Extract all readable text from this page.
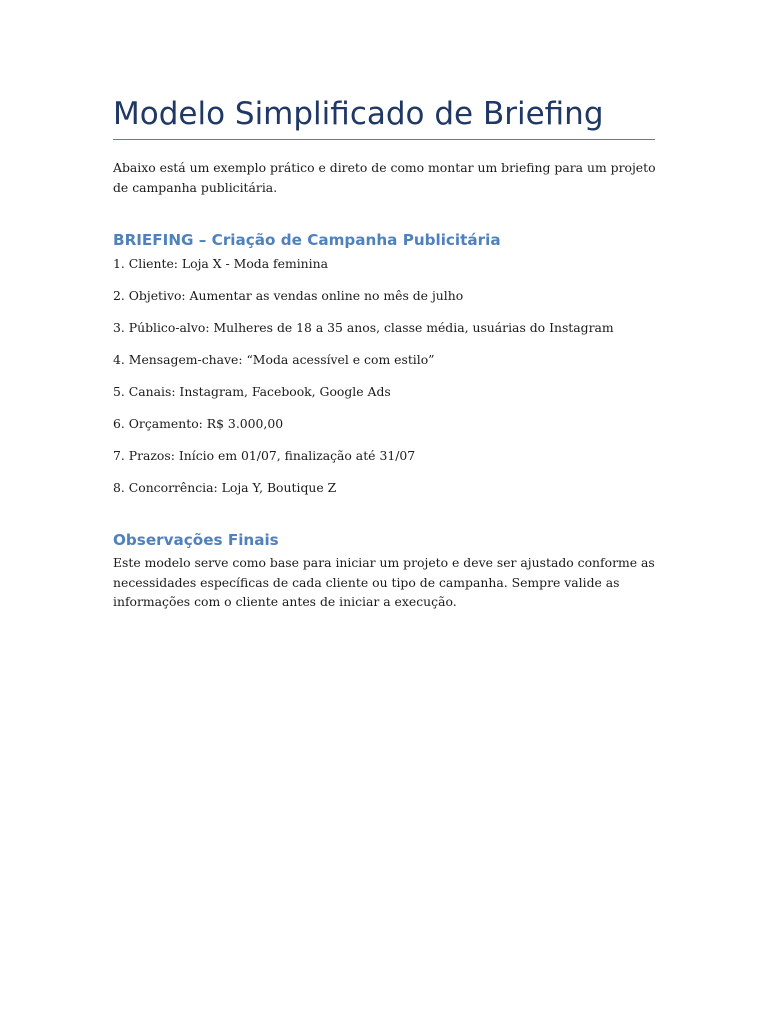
Modelo Simplificado de Briefing

Abaixo está um exemplo prático e direto de como montar um briefing para um projeto de campanha publicitária.

BRIEFING – Criação de Campanha Publicitária
1. Cliente: Loja X - Moda feminina
2. Objetivo: Aumentar as vendas online no mês de julho
3. Público-alvo: Mulheres de 18 a 35 anos, classe média, usuárias do Instagram
4. Mensagem-chave: “Moda acessível e com estilo”
5. Canais: Instagram, Facebook, Google Ads
6. Orçamento: R$ 3.000,00
7. Prazos: Início em 01/07, finalização até 31/07
8. Concorrência: Loja Y, Boutique Z
Observações Finais

Este modelo serve como base para iniciar um projeto e deve ser ajustado conforme as necessidades específicas de cada cliente ou tipo de campanha. Sempre valide as informações com o cliente antes de iniciar a execução.
